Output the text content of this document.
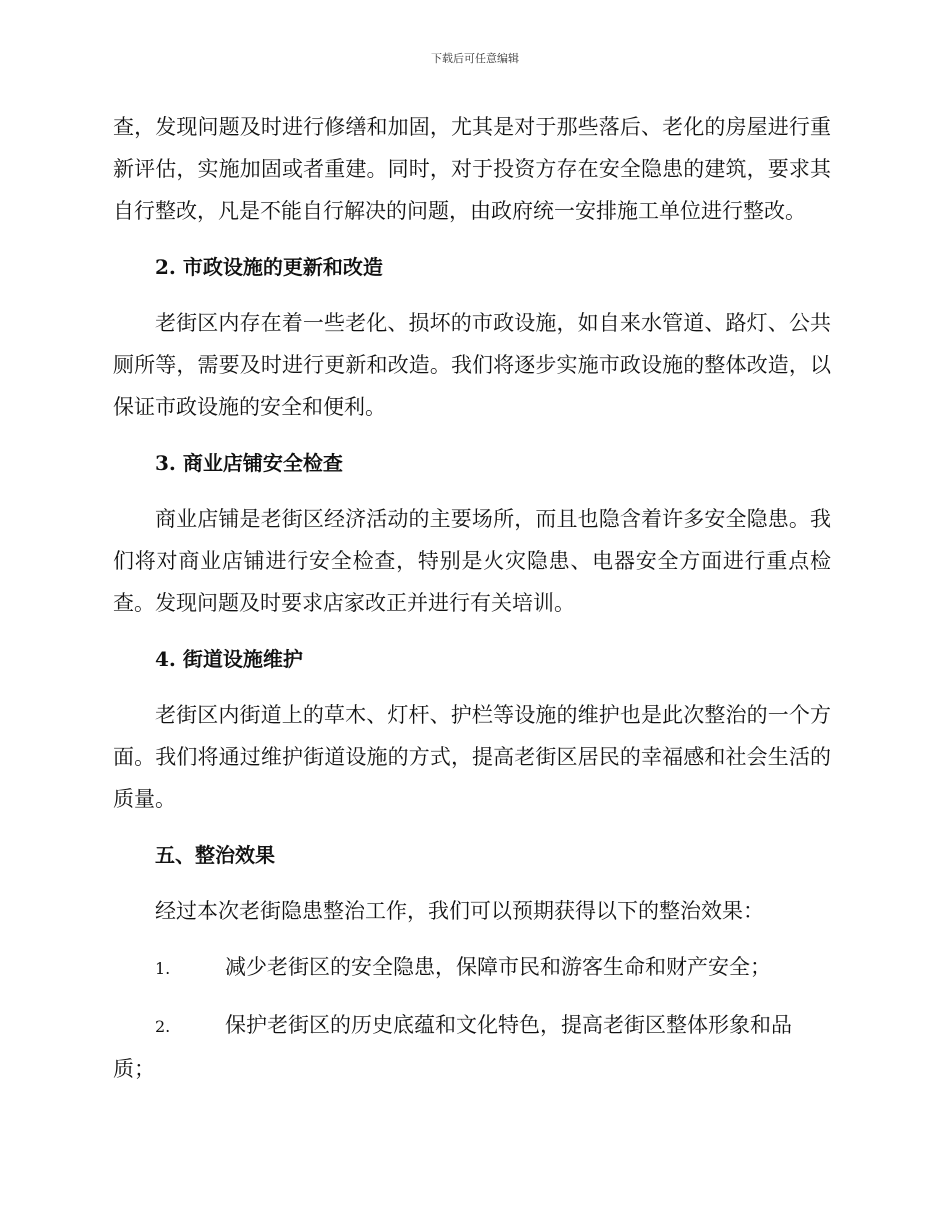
下载后可任意编辑

查，发现问题及时进行修缮和加固，尤其是对于那些落后、老化的房屋进行重新评估，实施加固或者重建。同时，对于投资方存在安全隐患的建筑，要求其自行整改，凡是不能自行解决的问题，由政府统一安排施工单位进行整改。

2. 市政设施的更新和改造

老街区内存在着一些老化、损坏的市政设施，如自来水管道、路灯、公共厕所等，需要及时进行更新和改造。我们将逐步实施市政设施的整体改造，以保证市政设施的安全和便利。

3. 商业店铺安全检查

商业店铺是老街区经济活动的主要场所，而且也隐含着许多安全隐患。我们将对商业店铺进行安全检查，特别是火灾隐患、电器安全方面进行重点检查。发现问题及时要求店家改正并进行有关培训。

4. 街道设施维护

老街区内街道上的草木、灯杆、护栏等设施的维护也是此次整治的一个方面。我们将通过维护街道设施的方式，提高老街区居民的幸福感和社会生活的质量。

五、整治效果

经过本次老街隐患整治工作，我们可以预期获得以下的整治效果：

1.	减少老街区的安全隐患，保障市民和游客生命和财产安全；
2.	保护老街区的历史底蕴和文化特色，提高老街区整体形象和品质；
